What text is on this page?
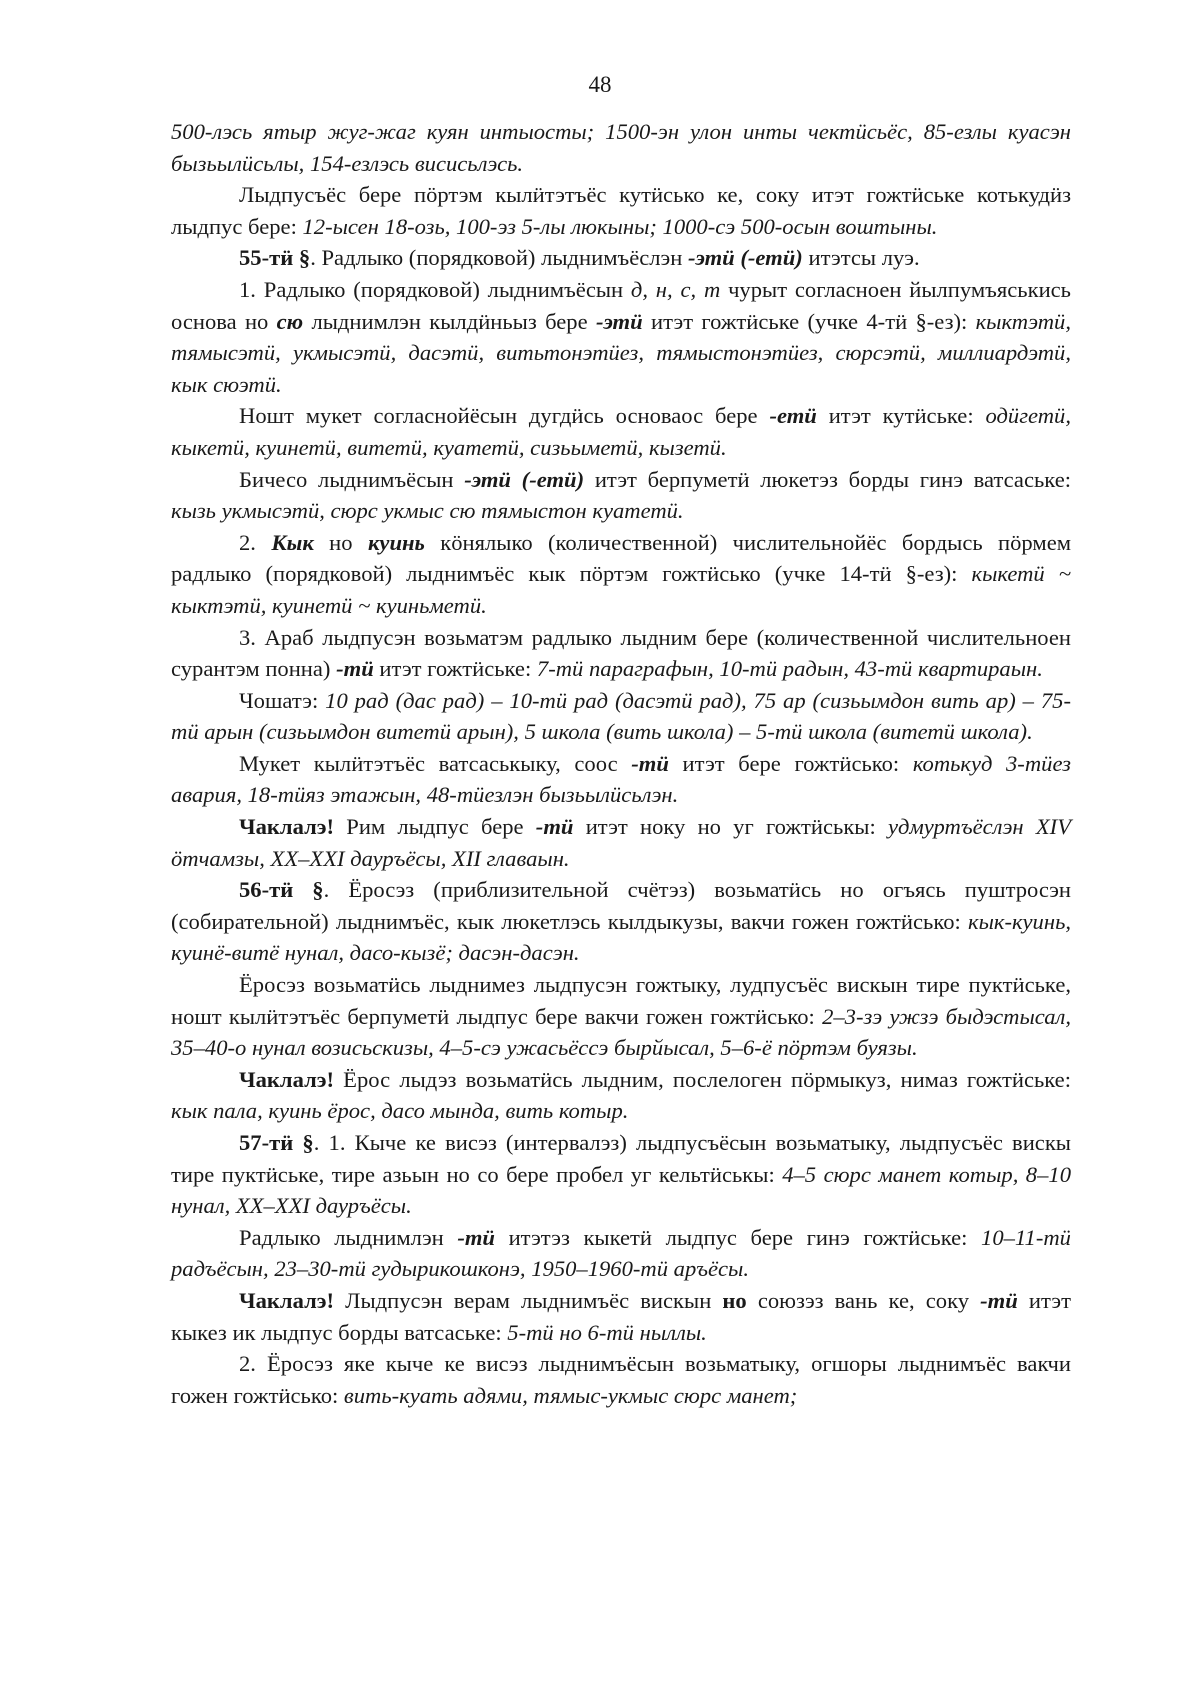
48

500-лэсь ятыр жуг-жаг куян интыосты; 1500-эн улон инты чектӥсьёс, 85-езлы куасэн бызьылӥсьлы, 154-езлэсь висисьлэсь.

Лыдпусъёс бере пӧртэм кылӥтэтъёс кутӥсько ке, соку итэт гожтӥське котькудӥз лыдпус бере: 12-ысен 18-озь, 100-эз 5-лы люкыны; 1000-сэ 500-осын воштыны.

55-тӥ §. Радлыко (порядковой) лыднимъёслэн -этӥ (-етӥ) итэтсы луэ.

1. Радлыко (порядковой) лыднимъёсын д, н, с, т чурыт согласноен йылпумъяськись основа но сю лыднимлэн кылдӥньыз бере -этӥ итэт гожтӥське (учке 4-тӥ §-ез): кыктэтӥ, тямысэтӥ, укмысэтӥ, дасэтӥ, витьтонэтӥез, тямыстонэтӥез, сюрсэтӥ, миллиардэтӥ, кык сюэтӥ.

Ношт мукет согласнойёсын дугдӥсь основаос бере -етӥ итэт кутӥське: одӥгетӥ, кыкетӥ, куинетӥ, витетӥ, куатетӥ, сизьыметӥ, кызетӥ.

Бичесо лыднимъёсын -этӥ (-етӥ) итэт берпуметӥ люкетэз борды гинэ ватсаське: кызь укмысэтӥ, сюрс укмыс сю тямыстон куатетӥ.

2. Кык но куинь кӧнялыко (количественной) числительнойёс бордысь пӧрмем радлыко (порядковой) лыднимъёс кык пӧртэм гожтӥсько (учке 14-тӥ §-ез): кыкетӥ ~ кыктэтӥ, куинетӥ ~ куиньметӥ.

3. Араб лыдпусэн возьматэм радлыко лыдним бере (количественной числительноен сурантэм понна) -тӥ итэт гожтӥське: 7-тӥ параграфын, 10-тӥ радын, 43-тӥ квартираын.

Чошатэ: 10 рад (дас рад) – 10-тӥ рад (дасэтӥ рад), 75 ар (сизьымдон вить ар) – 75-тӥ арын (сизьымдон витетӥ арын), 5 школа (вить школа) – 5-тӥ школа (витетӥ школа).

Мукет кылӥтэтъёс ватсаськыку, соос -тӥ итэт бере гожтӥсько: котькуд 3-тӥез авария, 18-тӥяз этажын, 48-тӥезлэн бызьылӥсьлэн.

Чаклалэ! Рим лыдпус бере -тӥ итэт ноку но уг гожтӥськы: удмуртъёслэн XIV ӧтчамзы, XX–XXI дауръёсы, XII главаын.

56-тӥ §. Ёросэз (приблизительной счётэз) возьматӥсь но огъясь пуштросэн (собирательной) лыднимъёс, кык люкетлэсь кылдыкузы, вакчи гожен гожтӥсько: кык-куинь, куинё-витё нунал, дасо-кызё; дасэн-дасэн.

Ёросэз возьматӥсь лыднимез лыдпусэн гожтыку, лудпусъёс вискын тире пуктӥське, ношт кылӥтэтъёс берпуметӥ лыдпус бере вакчи гожен гожтӥсько: 2–3-зэ ужзэ быдэстысал, 35–40-о нунал возисьскизы, 4–5-сэ ужасьёссэ бырйысал, 5–6-ё пӧртэм буязы.

Чаклалэ! Ёрос лыдэз возьматӥсь лыдним, послелоген пӧрмыкуз, нимаз гожтӥське: кык пала, куинь ёрос, дасо мында, вить котыр.

57-тӥ §. 1. Кыче ке висэз (интервалэз) лыдпусъёсын возьматыку, лыдпусъёс вискы тире пуктӥське, тире азьын но со бере пробел уг кельтӥськы: 4–5 сюрс манет котыр, 8–10 нунал, XX–XXI дауръёсы.

Радлыко лыднимлэн -тӥ итэтэз кыкетӥ лыдпус бере гинэ гожтӥське: 10–11-тӥ радъёсын, 23–30-тӥ гудырикошконэ, 1950–1960-тӥ аръёсы.

Чаклалэ! Лыдпусэн верам лыднимъёс вискын но союзэз вань ке, соку -тӥ итэт кыкез ик лыдпус борды ватсаське: 5-тӥ но 6-тӥ ныллы.

2. Ёросэз яке кыче ке висэз лыднимъёсын возьматыку, огшоры лыднимъёс вакчи гожен гожтӥсько: вить-куать адями, тямыс-укмыс сюрс манет;
